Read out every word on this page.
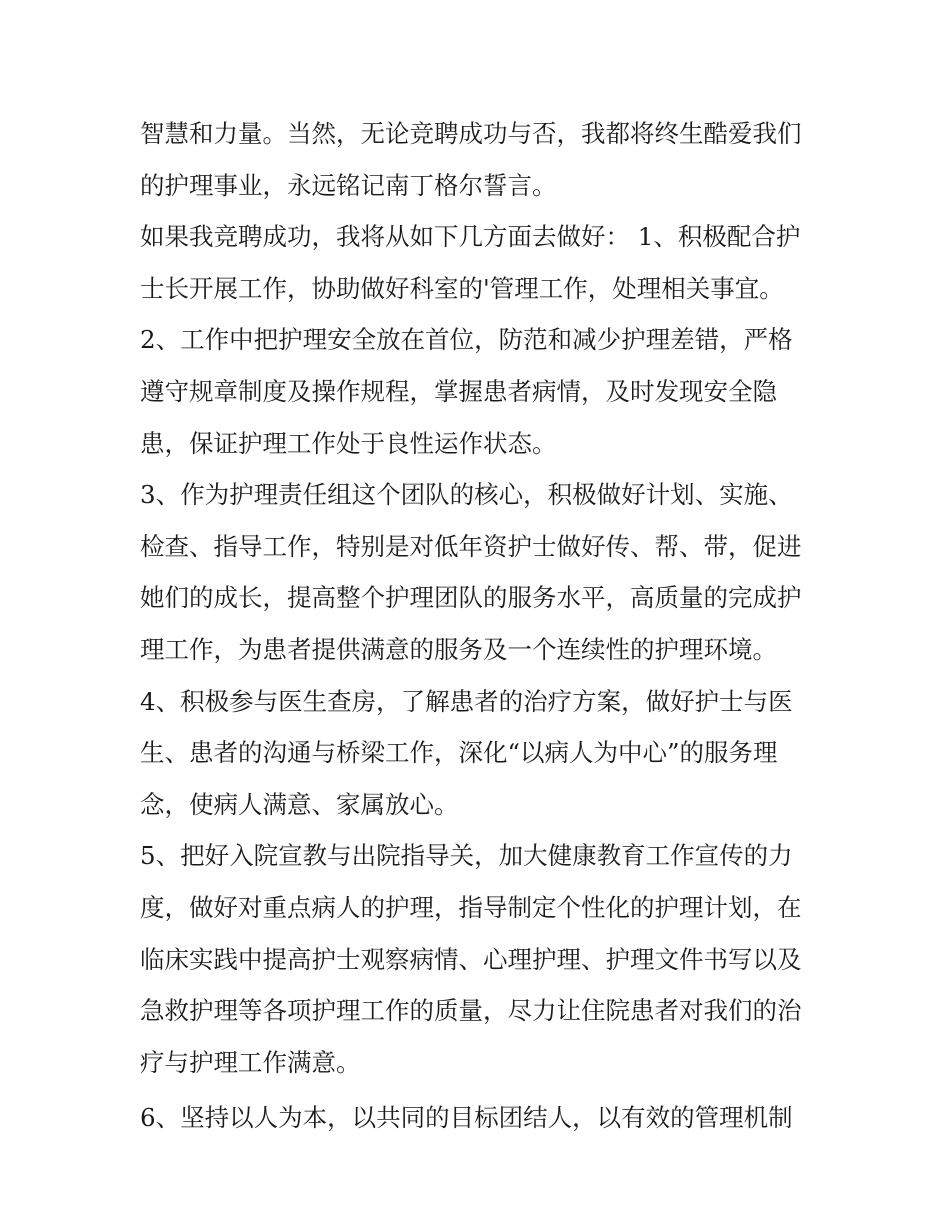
智慧和力量。当然，无论竞聘成功与否，我都将终生酷爱我们
的护理事业，永远铭记南丁格尔誓言。
如果我竞聘成功，我将从如下几方面去做好： 1、积极配合护
士长开展工作，协助做好科室的'管理工作，处理相关事宜。
2、工作中把护理安全放在首位，防范和减少护理差错，严格
遵守规章制度及操作规程，掌握患者病情，及时发现安全隐
患，保证护理工作处于良性运作状态。
3、作为护理责任组这个团队的核心，积极做好计划、实施、
检查、指导工作，特别是对低年资护士做好传、帮、带，促进
她们的成长，提高整个护理团队的服务水平，高质量的完成护
理工作，为患者提供满意的服务及一个连续性的护理环境。
4、积极参与医生查房，了解患者的治疗方案，做好护士与医
生、患者的沟通与桥梁工作，深化“以病人为中心”的服务理
念，使病人满意、家属放心。
5、把好入院宣教与出院指导关，加大健康教育工作宣传的力
度，做好对重点病人的护理，指导制定个性化的护理计划，在
临床实践中提高护士观察病情、心理护理、护理文件书写以及
急救护理等各项护理工作的质量，尽力让住院患者对我们的治
疗与护理工作满意。
6、坚持以人为本，以共同的目标团结人，以有效的管理机制
